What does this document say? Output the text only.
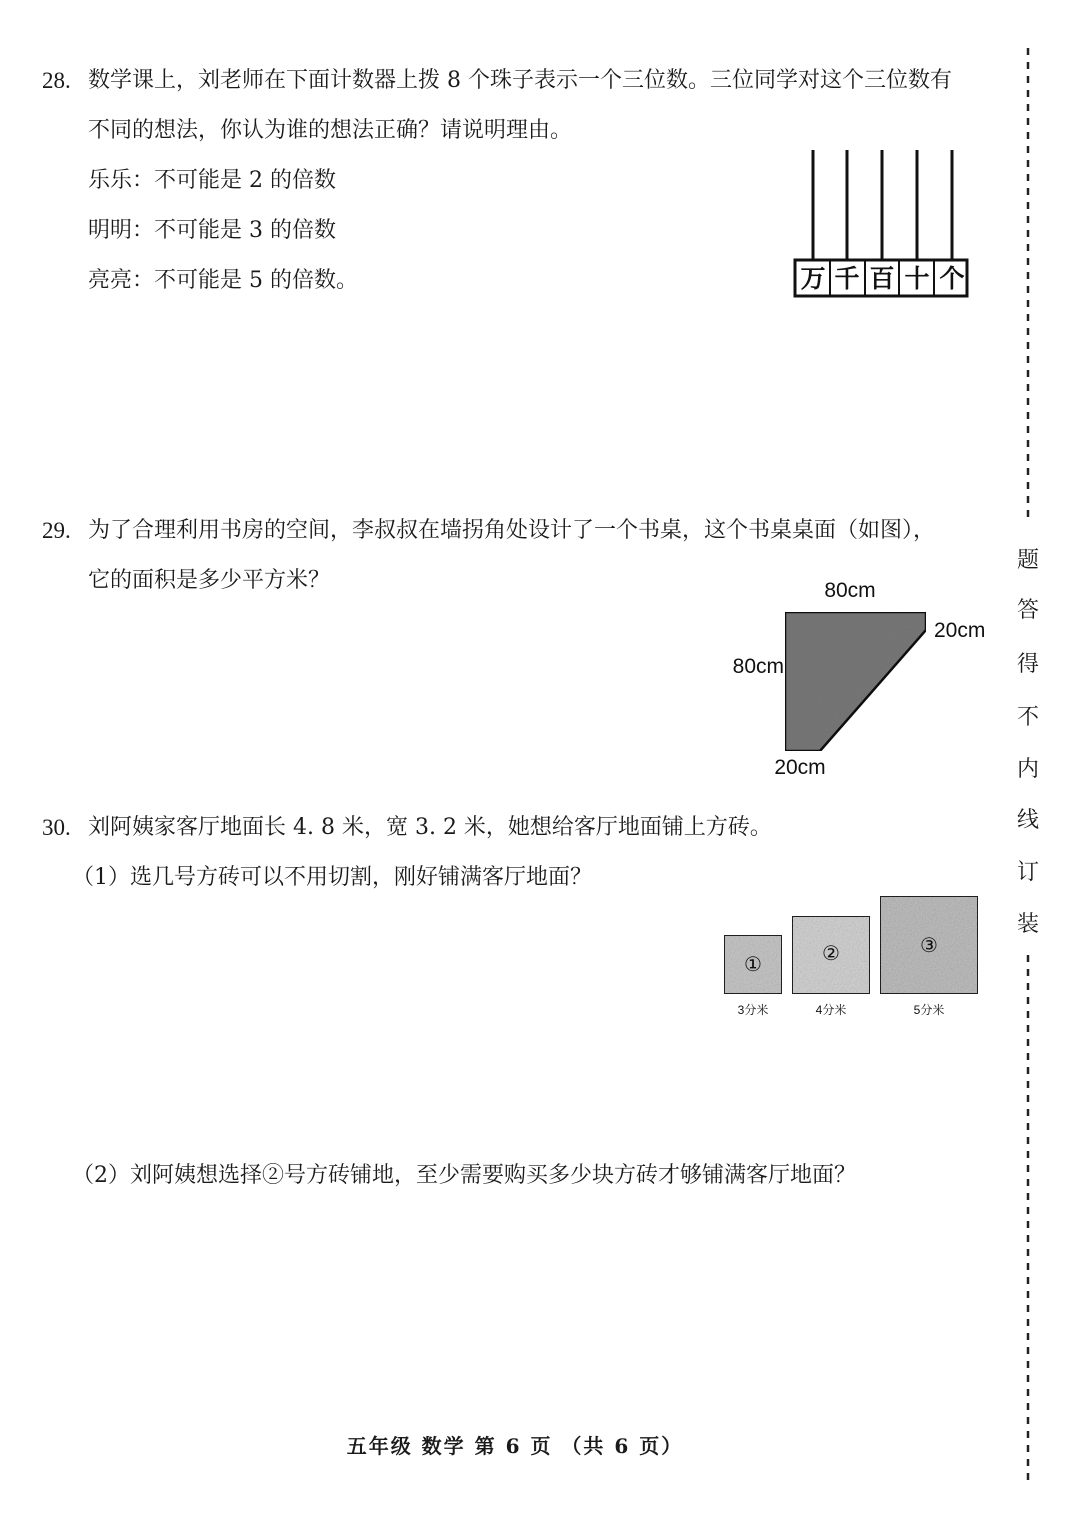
28. 数学课上，刘老师在下面计数器上拨 8 个珠子表示一个三位数。三位同学对这个三位数有
不同的想法，你认为谁的想法正确？请说明理由。
乐乐：不可能是 2 的倍数
明明：不可能是 3 的倍数
亮亮：不可能是 5 的倍数。	万 千 百 十 个
29. 为了合理利用书房的空间，李叔叔在墙拐角处设计了一个书桌，这个书桌桌面（如图），
它的面积是多少平方米？	80cm
20cm
80cm
20cm
30. 刘阿姨家客厅地面长 4. 8 米，宽 3. 2 米，她想给客厅地面铺上方砖。
（1）选几号方砖可以不用切割，刚好铺满客厅地面？
（2）刘阿姨想选择②号方砖铺地，至少需要购买多少块方砖才够铺满客厅地面？
①
3分米
②
4分米
③
5分米
题
答
得
不
内
线
订
装
五年级 数学 第 6 页 （共 6 页）
